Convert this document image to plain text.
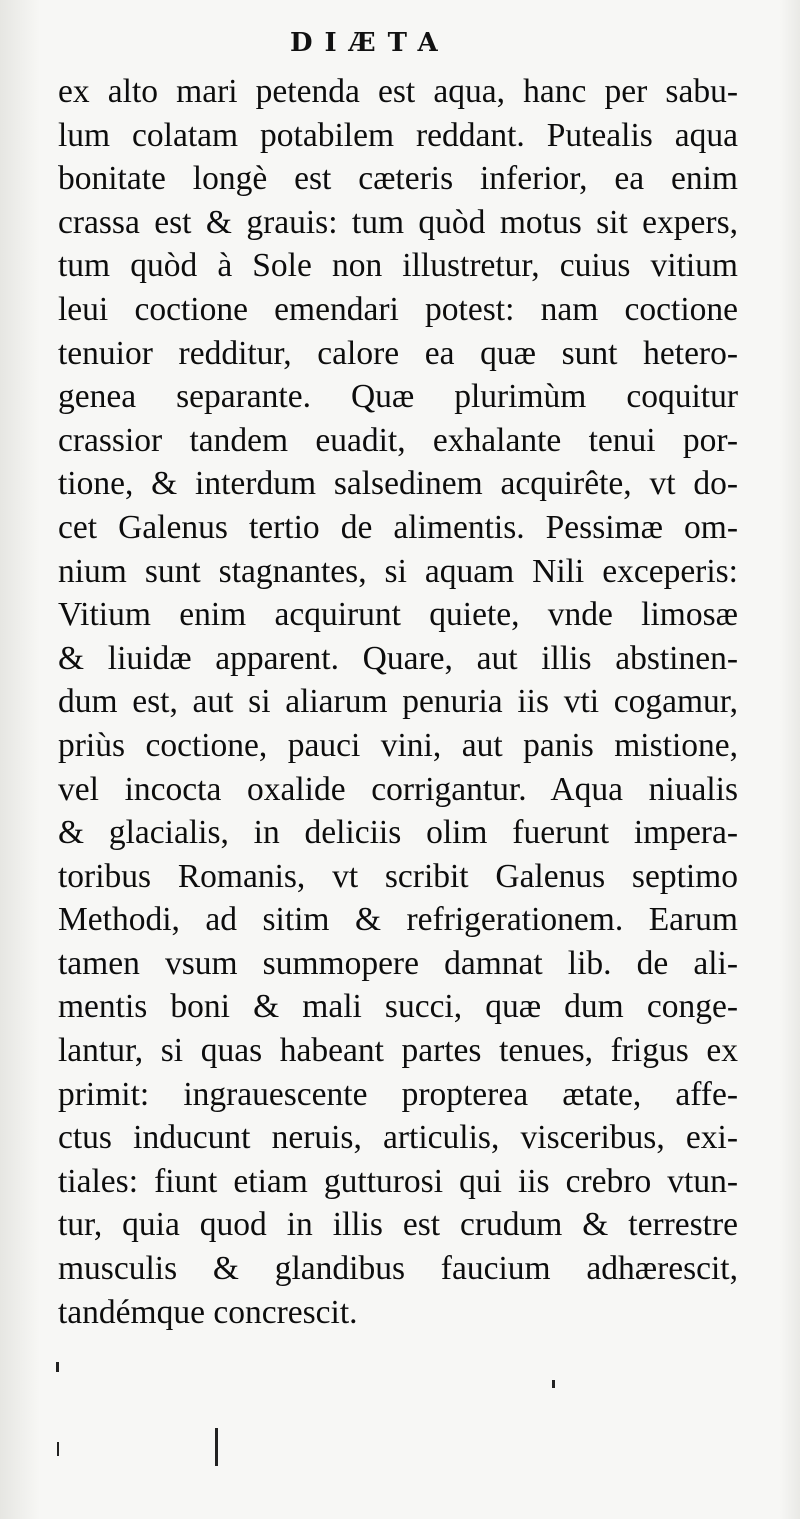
DIÆTA
ex alto mari petenda est aqua, hanc per sabu-
lum colatam potabilem reddant. Putealis aqua
bonitate longè est cæteris inferior, ea enim
crassa est & grauis: tum quòd motus sit expers,
tum quòd à Sole non illustretur, cuius vitium
leui coctione emendari potest: nam coctione
tenuior redditur, calore ea quæ sunt hetero-
genea separante. Quæ plurimùm coquitur
crassior tandem euadit, exhalante tenui por-
tione, & interdum salsedinem acquirête, vt do-
cet Galenus tertio de alimentis. Pessimæ om-
nium sunt stagnantes, si aquam Nili exceperis:
Vitium enim acquirunt quiete, vnde limosæ
& liuidæ apparent. Quare, aut illis abstinen-
dum est, aut si aliarum penuria iis vti cogamur,
priùs coctione, pauci vini, aut panis mistione,
vel incocta oxalide corrigantur. Aqua niualis
& glacialis, in deliciis olim fuerunt impera-
toribus Romanis, vt scribit Galenus septimo
Methodi, ad sitim & refrigerationem. Earum
tamen vsum summopere damnat lib. de ali-
mentis boni & mali succi, quæ dum conge-
lantur, si quas habeant partes tenues, frigus ex
primit: ingrauescente propterea ætate, affe-
ctus inducunt neruis, articulis, visceribus, exi-
tiales: fiunt etiam gutturosi qui iis crebro vtun-
tur, quia quod in illis est crudum & terrestre
musculis & glandibus faucium adhærescit,
tandémque concrescit.
